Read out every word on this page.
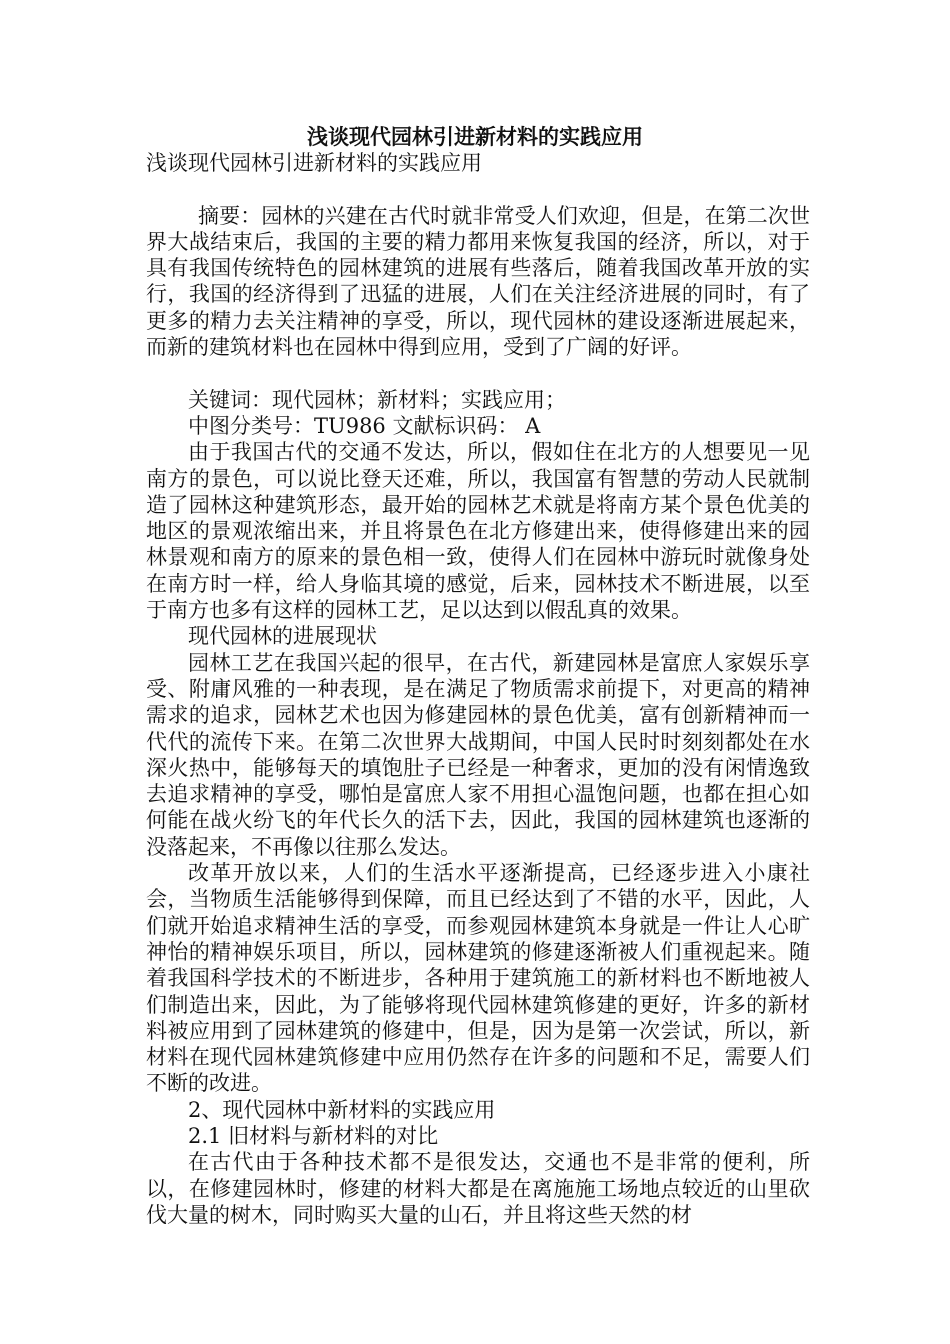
浅谈现代园林引进新材料的实践应用

浅谈现代园林引进新材料的实践应用

摘要：园林的兴建在古代时就非常受人们欢迎，但是，在第二次世界大战结束后，我国的主要的精力都用来恢复我国的经济，所以，对于具有我国传统特色的园林建筑的进展有些落后，随着我国改革开放的实行，我国的经济得到了迅猛的进展，人们在关注经济进展的同时，有了更多的精力去关注精神的享受，所以，现代园林的建设逐渐进展起来，而新的建筑材料也在园林中得到应用，受到了广阔的好评。

关键词：现代园林；新材料；实践应用；

中图分类号：TU986 文献标识码： A

由于我国古代的交通不发达，所以，假如住在北方的人想要见一见南方的景色，可以说比登天还难，所以，我国富有智慧的劳动人民就制造了园林这种建筑形态，最开始的园林艺术就是将南方某个景色优美的地区的景观浓缩出来，并且将景色在北方修建出来，使得修建出来的园林景观和南方的原来的景色相一致，使得人们在园林中游玩时就像身处在南方时一样，给人身临其境的感觉，后来，园林技术不断进展，以至于南方也多有这样的园林工艺，足以达到以假乱真的效果。

现代园林的进展现状

园林工艺在我国兴起的很早，在古代，新建园林是富庶人家娱乐享受、附庸风雅的一种表现，是在满足了物质需求前提下，对更高的精神需求的追求，园林艺术也因为修建园林的景色优美，富有创新精神而一代代的流传下来。在第二次世界大战期间，中国人民时时刻刻都处在水深火热中，能够每天的填饱肚子已经是一种奢求，更加的没有闲情逸致去追求精神的享受，哪怕是富庶人家不用担心温饱问题，也都在担心如何能在战火纷飞的年代长久的活下去，因此，我国的园林建筑也逐渐的没落起来，不再像以往那么发达。

改革开放以来，人们的生活水平逐渐提高，已经逐步进入小康社会，当物质生活能够得到保障，而且已经达到了不错的水平，因此，人们就开始追求精神生活的享受，而参观园林建筑本身就是一件让人心旷神怡的精神娱乐项目，所以，园林建筑的修建逐渐被人们重视起来。随着我国科学技术的不断进步，各种用于建筑施工的新材料也不断地被人们制造出来，因此，为了能够将现代园林建筑修建的更好，许多的新材料被应用到了园林建筑的修建中，但是，因为是第一次尝试，所以，新材料在现代园林建筑修建中应用仍然存在许多的问题和不足，需要人们不断的改进。

2、现代园林中新材料的实践应用

2.1 旧材料与新材料的对比

在古代由于各种技术都不是很发达，交通也不是非常的便利，所以，在修建园林时，修建的材料大都是在离施施工场地点较近的山里砍伐大量的树木，同时购买大量的山石，并且将这些天然的材
